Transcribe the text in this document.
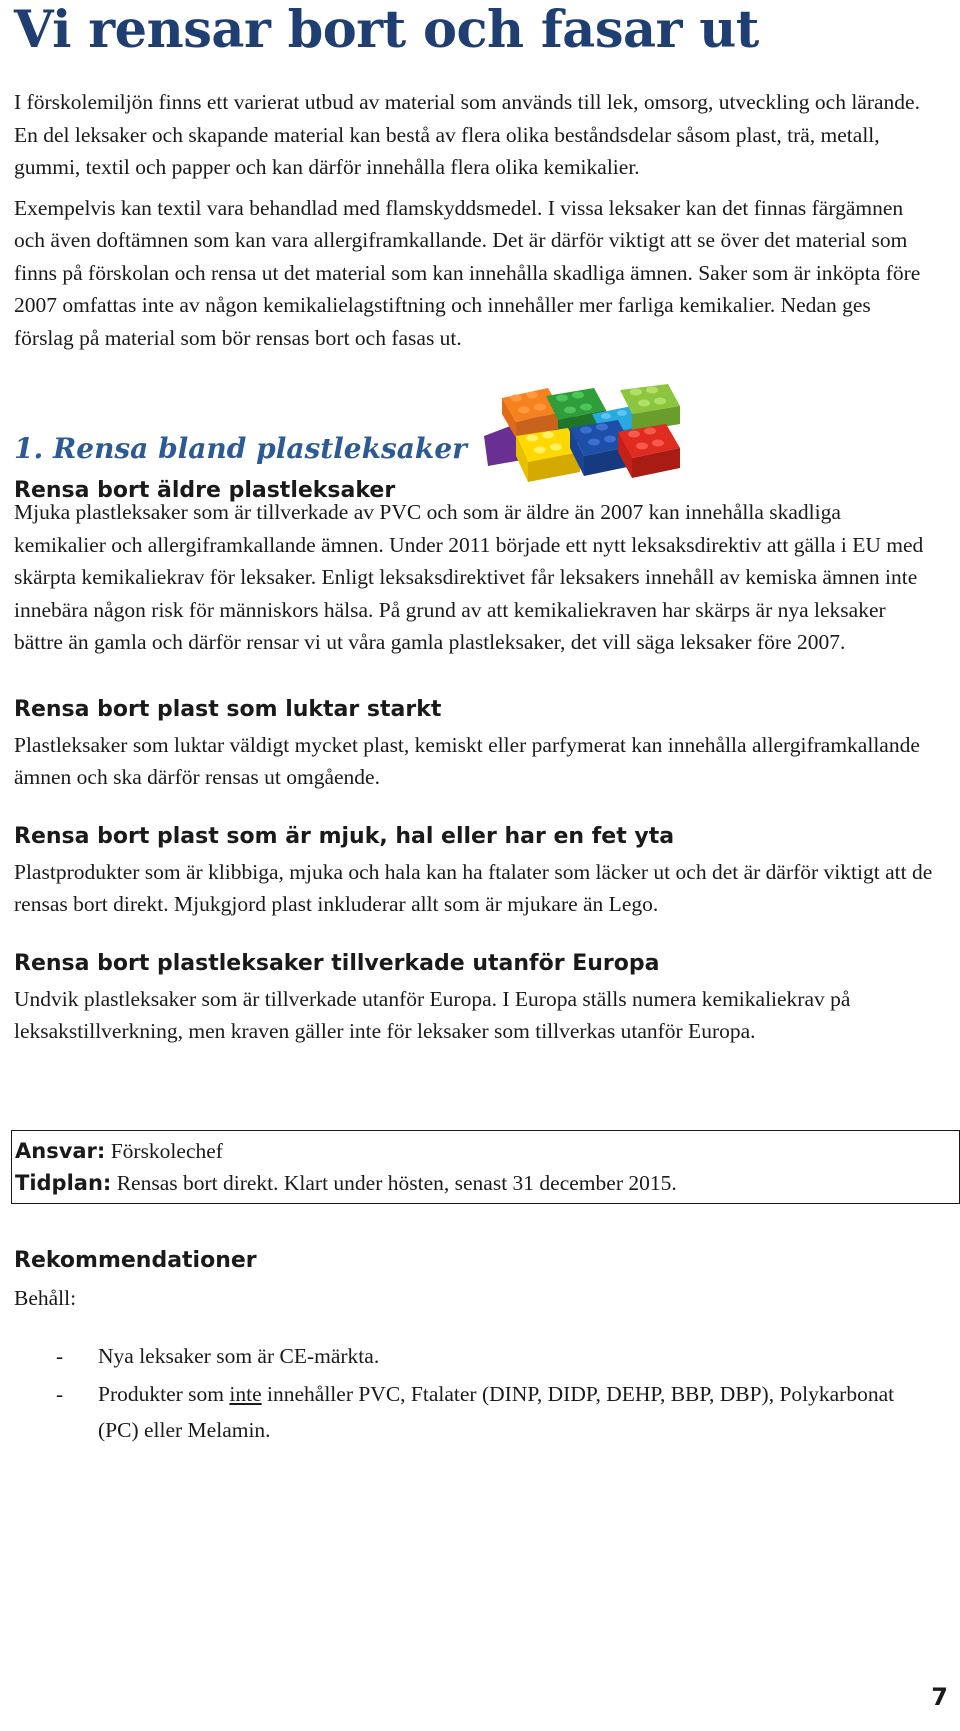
Vi rensar bort och fasar ut

I förskolemiljön finns ett varierat utbud av material som används till lek, omsorg, utveckling och lärande. En del leksaker och skapande material kan bestå av flera olika beståndsdelar såsom plast, trä, metall, gummi, textil och papper och kan därför innehålla flera olika kemikalier.

Exempelvis kan textil vara behandlad med flamskyddsmedel. I vissa leksaker kan det finnas färgämnen och även doftämnen som kan vara allergiframkallande. Det är därför viktigt att se över det material som finns på förskolan och rensa ut det material som kan innehålla skadliga ämnen. Saker som är inköpta före 2007 omfattas inte av någon kemikalielagstiftning och innehåller mer farliga kemikalier. Nedan ges förslag på material som bör rensas bort och fasas ut.

1. Rensa bland plastleksaker
Rensa bort äldre plastleksaker

Mjuka plastleksaker som är tillverkade av PVC och som är äldre än 2007 kan innehålla skadliga kemikalier och allergiframkallande ämnen. Under 2011 började ett nytt leksaksdirektiv att gälla i EU med skärpta kemikaliekrav för leksaker. Enligt leksaksdirektivet får leksakers innehåll av kemiska ämnen inte innebära någon risk för människors hälsa. På grund av att kemikaliekraven har skärps är nya leksaker bättre än gamla och därför rensar vi ut våra gamla plastleksaker, det vill säga leksaker före 2007.

Rensa bort plast som luktar starkt

Plastleksaker som luktar väldigt mycket plast, kemiskt eller parfymerat kan innehålla allergiframkallande ämnen och ska därför rensas ut omgående.

Rensa bort plast som är mjuk, hal eller har en fet yta

Plastprodukter som är klibbiga, mjuka och hala kan ha ftalater som läcker ut och det är därför viktigt att de rensas bort direkt. Mjukgjord plast inkluderar allt som är mjukare än Lego.

Rensa bort plastleksaker tillverkade utanför Europa

Undvik plastleksaker som är tillverkade utanför Europa. I Europa ställs numera kemikaliekrav på leksakstillverkning, men kraven gäller inte för leksaker som tillverkas utanför Europa.

Ansvar: Förskolechef

Tidplan: Rensas bort direkt. Klart under hösten, senast 31 december 2015.

Rekommendationer

Behåll:

- Nya leksaker som är CE-märkta.
- Produkter som inte innehåller PVC, Ftalater (DINP, DIDP, DEHP, BBP, DBP), Polykarbonat (PC) eller Melamin.
7
